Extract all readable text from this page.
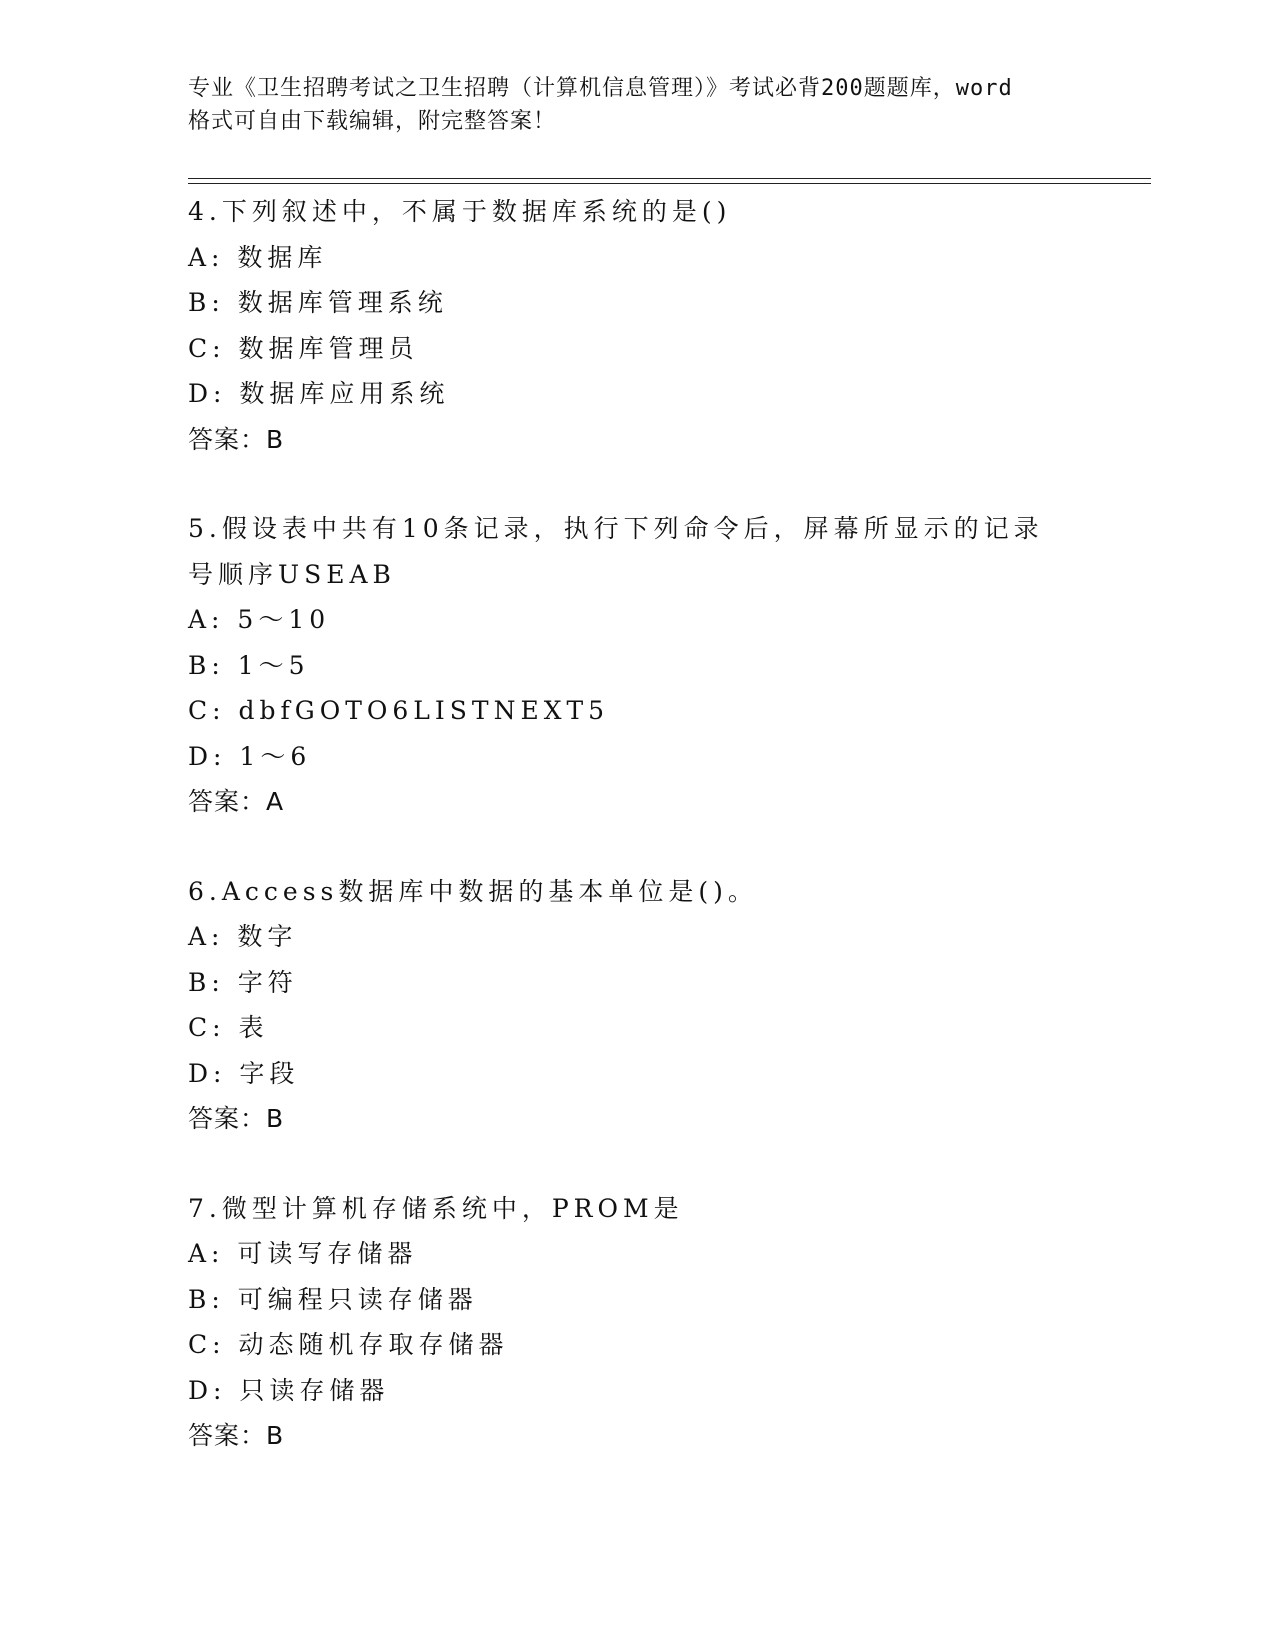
专业《卫生招聘考试之卫生招聘（计算机信息管理）》考试必背200题题库，word
格式可自由下载编辑，附完整答案！
4.下列叙述中，不属于数据库系统的是()
A: 数据库
B: 数据库管理系统
C: 数据库管理员
D: 数据库应用系统
答案：B
5.假设表中共有10条记录，执行下列命令后，屏幕所显示的记录号顺序USEAB
A: 5～10
B: 1～5
C: dbfGOTO6LISTNEXT5
D: 1～6
答案：A
6.Access数据库中数据的基本单位是()。
A: 数字
B: 字符
C: 表
D: 字段
答案：B
7.微型计算机存储系统中，PROM是
A: 可读写存储器
B: 可编程只读存储器
C: 动态随机存取存储器
D: 只读存储器
答案：B
